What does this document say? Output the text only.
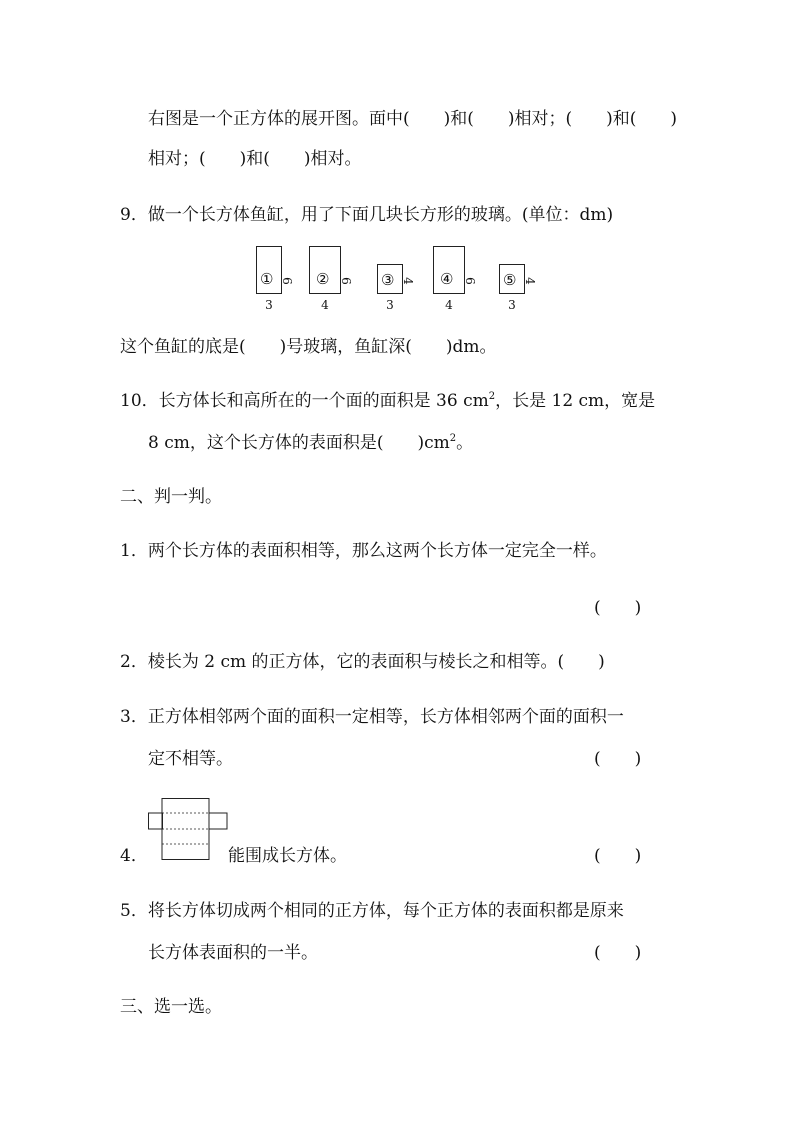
右图是一个正方体的展开图。面中(　　)和(　　)相对；(　　)和(　　)
相对；(　　)和(　　)相对。
9．做一个长方体鱼缸，用了下面几块长方形的玻璃。(单位：dm)
① 6
3
② 6
4
③ 4
3
④ 6
4
⑤ 4
3
这个鱼缸的底是(　　)号玻璃，鱼缸深(　　)dm。
10．长方体长和高所在的一个面的面积是 36 $cm^2$，长是 12 cm，宽是
8 cm，这个长方体的表面积是(　　)$cm^2$。
二、判一判。
1．两个长方体的表面积相等，那么这两个长方体一定完全一样。
(　　)
2．棱长为 2 cm 的正方体，它的表面积与棱长之和相等。(　　)
3．正方体相邻两个面的面积一定相等，长方体相邻两个面的面积一
定不相等。	(　　)
4．	能围成长方体。	(　　)
5．将长方体切成两个相同的正方体，每个正方体的表面积都是原来
长方体表面积的一半。	(　　)
三、选一选。
